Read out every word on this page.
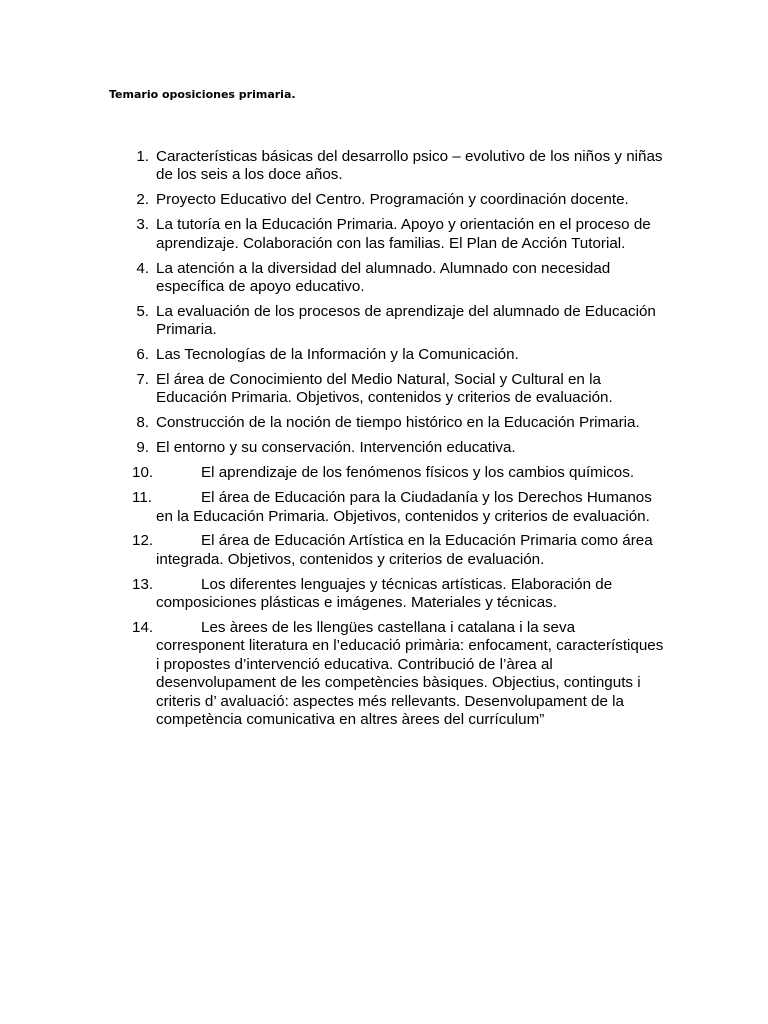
Temario oposiciones primaria.

1. Características básicas del desarrollo psico – evolutivo de los niños y niñas de los seis a los doce años.
2. Proyecto Educativo del Centro. Programación y coordinación docente.
3. La tutoría en la Educación Primaria. Apoyo y orientación en el proceso de aprendizaje. Colaboración con las familias. El Plan de Acción Tutorial.
4. La atención a la diversidad del alumnado. Alumnado con necesidad específica de apoyo educativo.
5. La evaluación de los procesos de aprendizaje del alumnado de Educación Primaria.
6. Las Tecnologías de la Información y la Comunicación.
7. El área de Conocimiento del Medio Natural, Social y Cultural en la Educación Primaria. Objetivos, contenidos y criterios de evaluación.
8. Construcción de la noción de tiempo histórico en la Educación Primaria.
9. El entorno y su conservación. Intervención educativa.
10.	El aprendizaje de los fenómenos físicos y los cambios químicos.
11.	El área de Educación para la Ciudadanía y los Derechos Humanos en la Educación Primaria. Objetivos, contenidos y criterios de evaluación.
12.	El área de Educación Artística en la Educación Primaria como área integrada. Objetivos, contenidos y criterios de evaluación.
13.	Los diferentes lenguajes y técnicas artísticas. Elaboración de composiciones plásticas e imágenes. Materiales y técnicas.
14.	Les àrees de les llengües castellana i catalana i la seva corresponent literatura en l’educació primària: enfocament, característiques i propostes d’intervenció educativa. Contribució de l’àrea al desenvolupament de les competències bàsiques. Objectius, continguts i criteris d’ avaluació: aspectes més rellevants. Desenvolupament de la competència comunicativa en altres àrees del currículum”
